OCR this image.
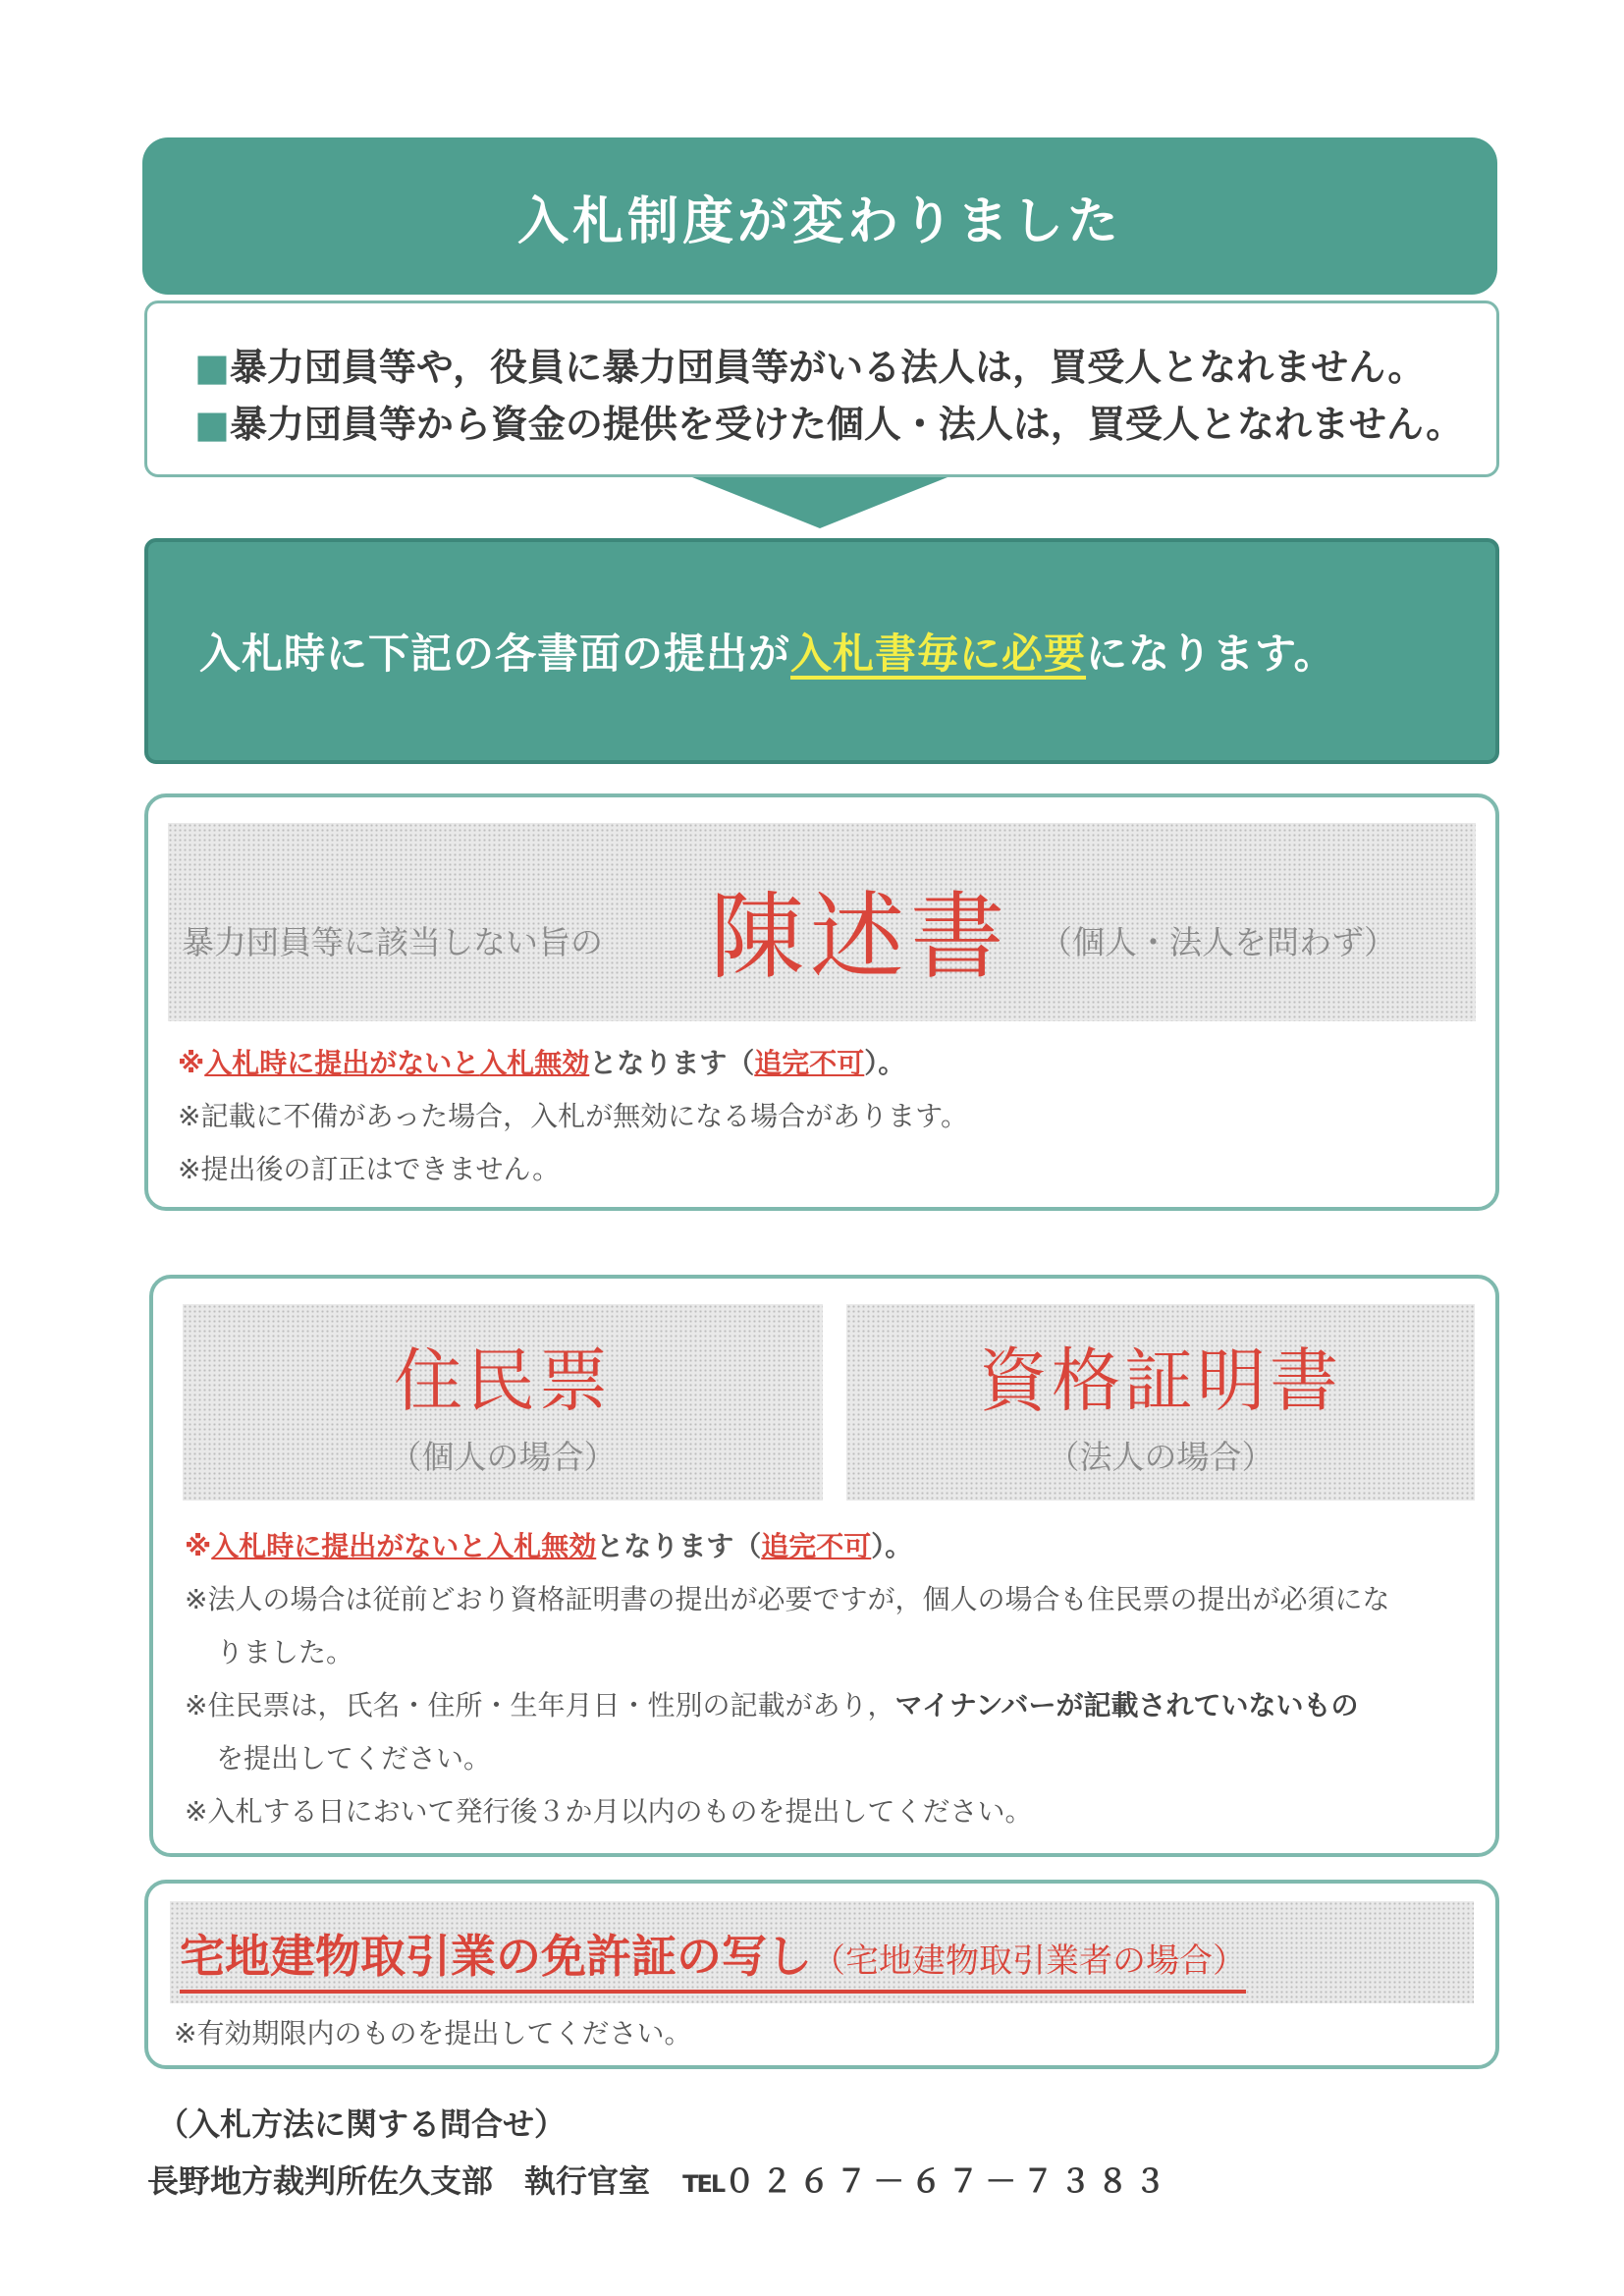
入札制度が変わりました
■暴力団員等や，役員に暴力団員等がいる法人は，買受人となれません。
■暴力団員等から資金の提供を受けた個人・法人は，買受人となれません。
入札時に下記の各書面の提出が 入札書毎に必要 になります。
暴力団員等に該当しない旨の 陳述書 （個人・法人を問わず）
※入札時に提出がないと入札無効となります（追完不可）。
※記載に不備があった場合，入札が無効になる場合があります。
※提出後の訂正はできません。
住民票
（個人の場合）
資格証明書
（法人の場合）
※入札時に提出がないと入札無効となります（追完不可）。
※法人の場合は従前どおり資格証明書の提出が必要ですが，個人の場合も住民票の提出が必須にな
りました。
※住民票は，氏名・住所・生年月日・性別の記載があり，マイナンバーが記載されていないもの
を提出してください。
※入札する日において発行後３か月以内のものを提出してください。
宅地建物取引業の免許証の写し（宅地建物取引業者の場合）
※有効期限内のものを提出してください。
（入札方法に関する問合せ）
長野地方裁判所佐久支部　執行官室 TEL０２６７－６７－７３８３
